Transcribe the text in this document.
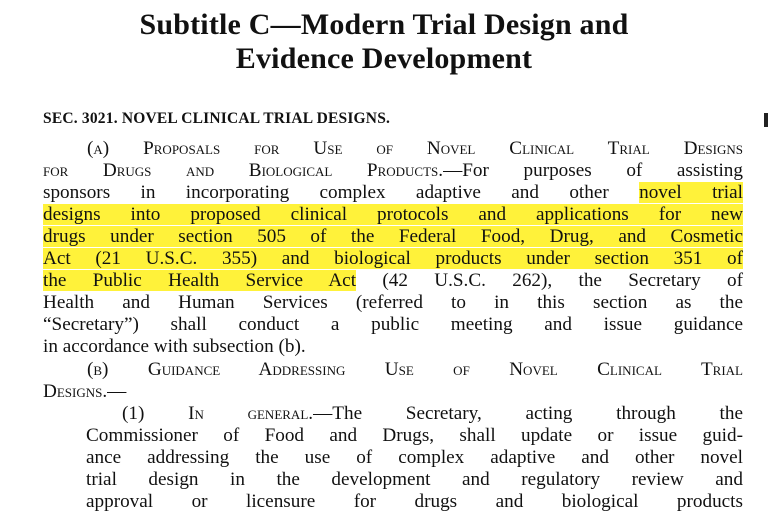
Subtitle C—Modern Trial Design and
Evidence Development
SEC. 3021. NOVEL CLINICAL TRIAL DESIGNS.
(a) Proposals for Use of Novel Clinical Trial Designs
for Drugs and Biological Products.—For purposes of assisting
sponsors in incorporating complex adaptive and other novel trial
designs into proposed clinical protocols and applications for new
drugs under section 505 of the Federal Food, Drug, and Cosmetic
Act (21 U.S.C. 355) and biological products under section 351 of
the Public Health Service Act (42 U.S.C. 262), the Secretary of
Health and Human Services (referred to in this section as the
“Secretary”) shall conduct a public meeting and issue guidance
in accordance with subsection (b).
(b) Guidance Addressing Use of Novel Clinical Trial
Designs.—
(1) In general.—The Secretary, acting through the
Commissioner of Food and Drugs, shall update or issue guid-
ance addressing the use of complex adaptive and other novel
trial design in the development and regulatory review and
approval or licensure for drugs and biological products
